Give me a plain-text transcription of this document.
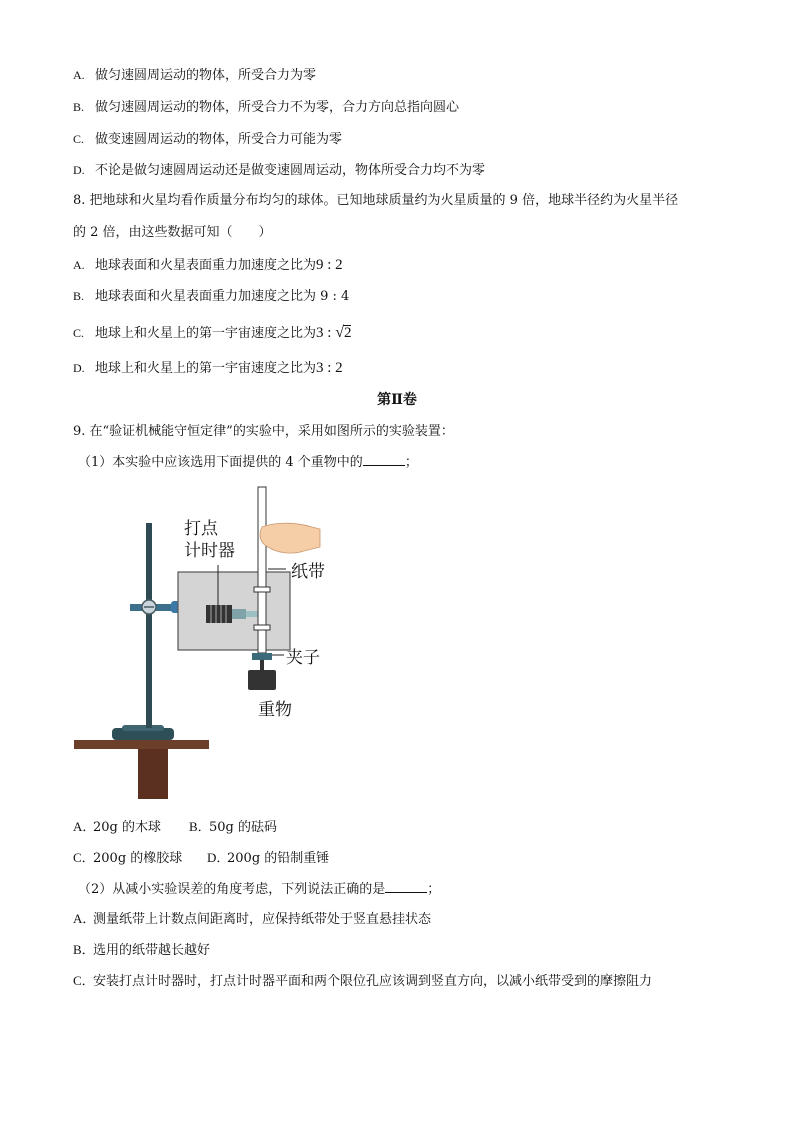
A. 做匀速圆周运动的物体，所受合力为零
B. 做匀速圆周运动的物体，所受合力不为零，合力方向总指向圆心
C. 做变速圆周运动的物体，所受合力可能为零
D. 不论是做匀速圆周运动还是做变速圆周运动，物体所受合力均不为零
8. 把地球和火星均看作质量分布均匀的球体。已知地球质量约为火星质量的 9 倍，地球半径约为火星半径
的 2 倍，由这些数据可知（　　）
A. 地球表面和火星表面重力加速度之比为9 : 2
B. 地球表面和火星表面重力加速度之比为 9 : 4
C. 地球上和火星上的第一宇宙速度之比为3 : √2
D. 地球上和火星上的第一宇宙速度之比为3 : 2
第Ⅱ卷
9. 在“验证机械能守恒定律”的实验中，采用如图所示的实验装置：
（1）本实验中应该选用下面提供的 4 个重物中的	；
打点
计时器
纸带
夹子
重物
A．20g 的木球 B．50g 的砝码
C．200g 的橡胶球 D．200g 的铅制重锤
（2）从减小实验误差的角度考虑，下列说法正确的是	；
A．测量纸带上计数点间距离时，应保持纸带处于竖直悬挂状态
B．选用的纸带越长越好
C．安装打点计时器时，打点计时器平面和两个限位孔应该调到竖直方向，以减小纸带受到的摩擦阻力
